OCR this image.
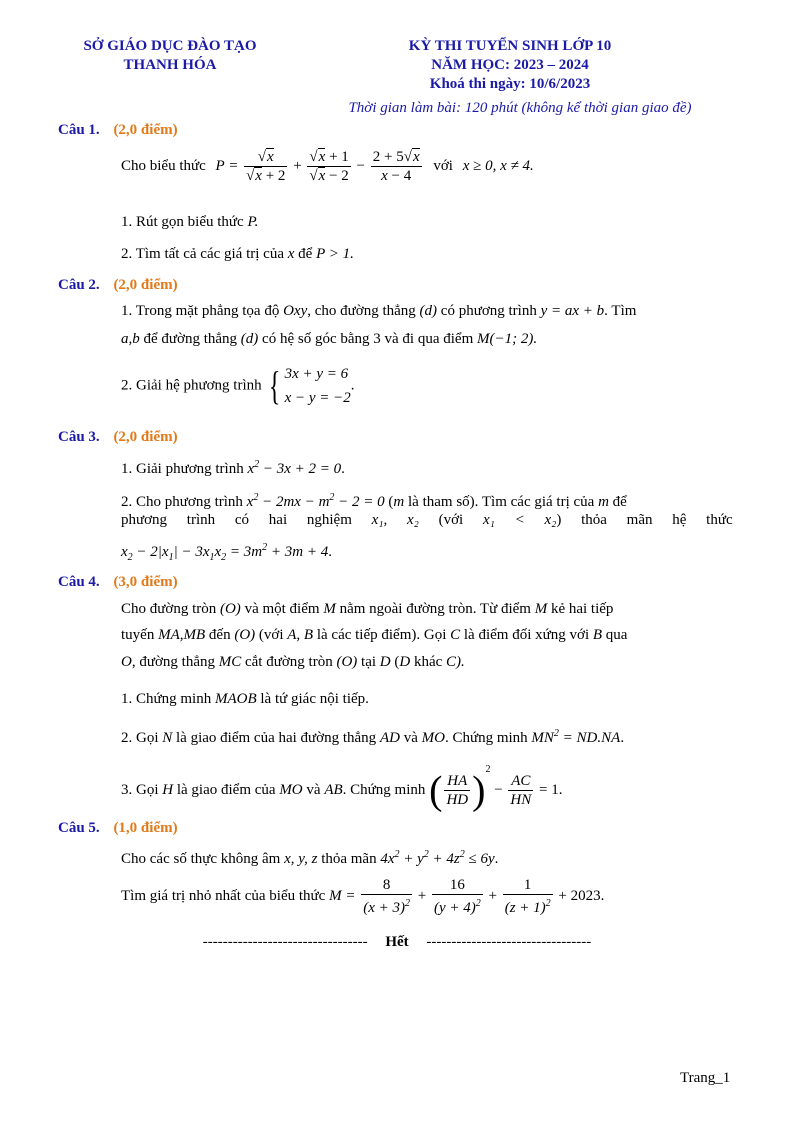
SỞ GIÁO DỤC ĐÀO TẠO
THANH HÓA
KỲ THI TUYỂN SINH LỚP 10
NĂM HỌC: 2023 – 2024
Khoá thi ngày: 10/6/2023
Thời gian làm bài: 120 phút (không kể thời gian giao đề)
Câu 1. (2,0 điểm)
Cho biểu thức $P = \frac{√x}{√x + 2} + \frac{√x + 1}{√x - 2} - \frac{2 + 5√x}{x - 4}$ với x ≥ 0, x ≠ 4.
1. Rút gọn biểu thức P.
2. Tìm tất cả các giá trị của x để P > 1.
Câu 2. (2,0 điểm)
1. Trong mặt phẳng tọa độ Oxy, cho đường thẳng (d) có phương trình y = ax + b. Tìm
a,b để đường thẳng (d) có hệ số góc bằng 3 và đi qua điểm M(−1; 2).
2. Giải hệ phương trình { 3x + y = 6
x − y = −2
.
Câu 3. (2,0 điểm)
1. Giải phương trình $x^2 - 3x + 2 = 0$.
2. Cho phương trình $x^2 - 2mx - m^2 - 2 = 0$ (m là tham số). Tìm các giá trị của m để
phương trình có hai nghiệm x₁, x₂ (với x₁ < x₂) thỏa mãn hệ thức
$x_2 - 2|x_1| - 3x_1x_2 = 3m^2 + 3m + 4$.
Câu 4. (3,0 điểm)
Cho đường tròn (O) và một điểm M nằm ngoài đường tròn. Từ điểm M kẻ hai tiếp
tuyến MA,MB đến (O) (với A, B là các tiếp điểm). Gọi C là điểm đối xứng với B qua
O, đường thẳng MC cắt đường tròn (O) tại D (D khác C).
1. Chứng minh MAOB là tứ giác nội tiếp.
2. Gọi N là giao điểm của hai đường thẳng AD và MO. Chứng minh $MN^2 = ND.NA$.
3. Gọi H là giao điểm của MO và AB. Chứng minh ( $\frac{HA}{HD} )^2 - \frac{AC}{HN} = 1$.
Câu 5. (1,0 điểm)
Cho các số thực không âm x, y, z thỏa mãn $4x^2 + y^2 + 4z^2 \le 6y$.
Tìm giá trị nhỏ nhất của biểu thức $M = \frac{8}{(x + 3)^2} + \frac{16}{(y + 4)^2} + \frac{1}{(z + 1)^2} + 2023$.
--------------------------------- Hết ---------------------------------
Trang_1
